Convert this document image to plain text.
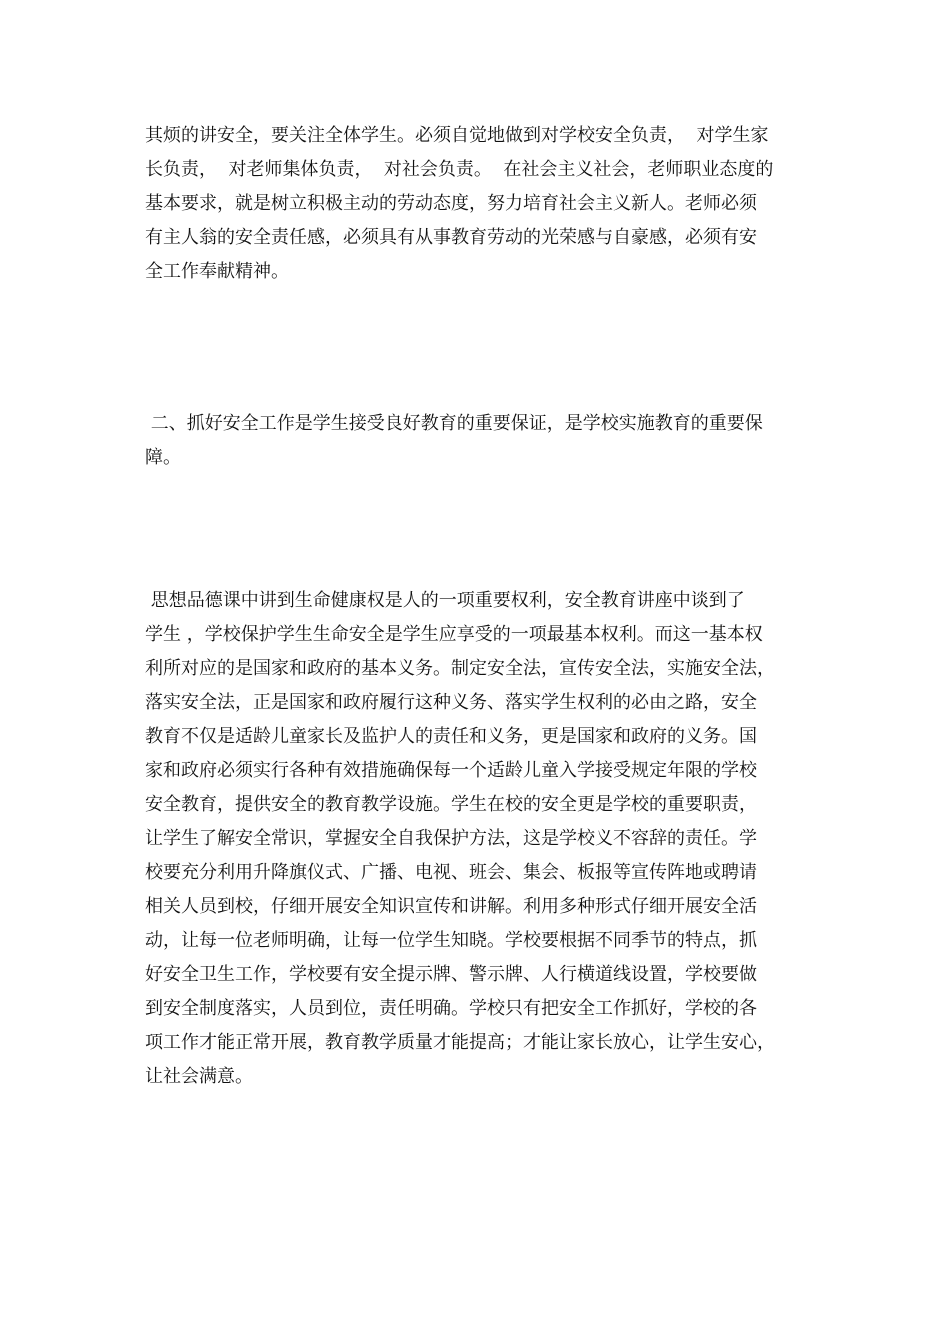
其烦的讲安全，要关注全体学生。必须自觉地做到对学校安全负责，  对学生家
长负责，  对老师集体负责，  对社会负责。  在社会主义社会，老师职业态度的
基本要求，就是树立积极主动的劳动态度，努力培育社会主义新人。老师必须
有主人翁的安全责任感，必须具有从事教育劳动的光荣感与自豪感，必须有安
全工作奉献精神。
二、抓好安全工作是学生接受良好教育的重要保证，是学校实施教育的重要保
障。
思想品德课中讲到生命健康权是人的一项重要权利，安全教育讲座中谈到了
学生 ，学校保护学生生命安全是学生应享受的一项最基本权利。而这一基本权
利所对应的是国家和政府的基本义务。制定安全法，宣传安全法，实施安全法，
落实安全法，正是国家和政府履行这种义务、落实学生权利的必由之路，安全
教育不仅是适龄儿童家长及监护人的责任和义务，更是国家和政府的义务。国
家和政府必须实行各种有效措施确保每一个适龄儿童入学接受规定年限的学校
安全教育，提供安全的教育教学设施。学生在校的安全更是学校的重要职责，
让学生了解安全常识，掌握安全自我保护方法，这是学校义不容辞的责任。学
校要充分利用升降旗仪式、广播、电视、班会、集会、板报等宣传阵地或聘请
相关人员到校，仔细开展安全知识宣传和讲解。利用多种形式仔细开展安全活
动，让每一位老师明确，让每一位学生知晓。学校要根据不同季节的特点，抓
好安全卫生工作，学校要有安全提示牌、警示牌、人行横道线设置，学校要做
到安全制度落实，人员到位，责任明确。学校只有把安全工作抓好，学校的各
项工作才能正常开展，教育教学质量才能提高；才能让家长放心，让学生安心，
让社会满意。
